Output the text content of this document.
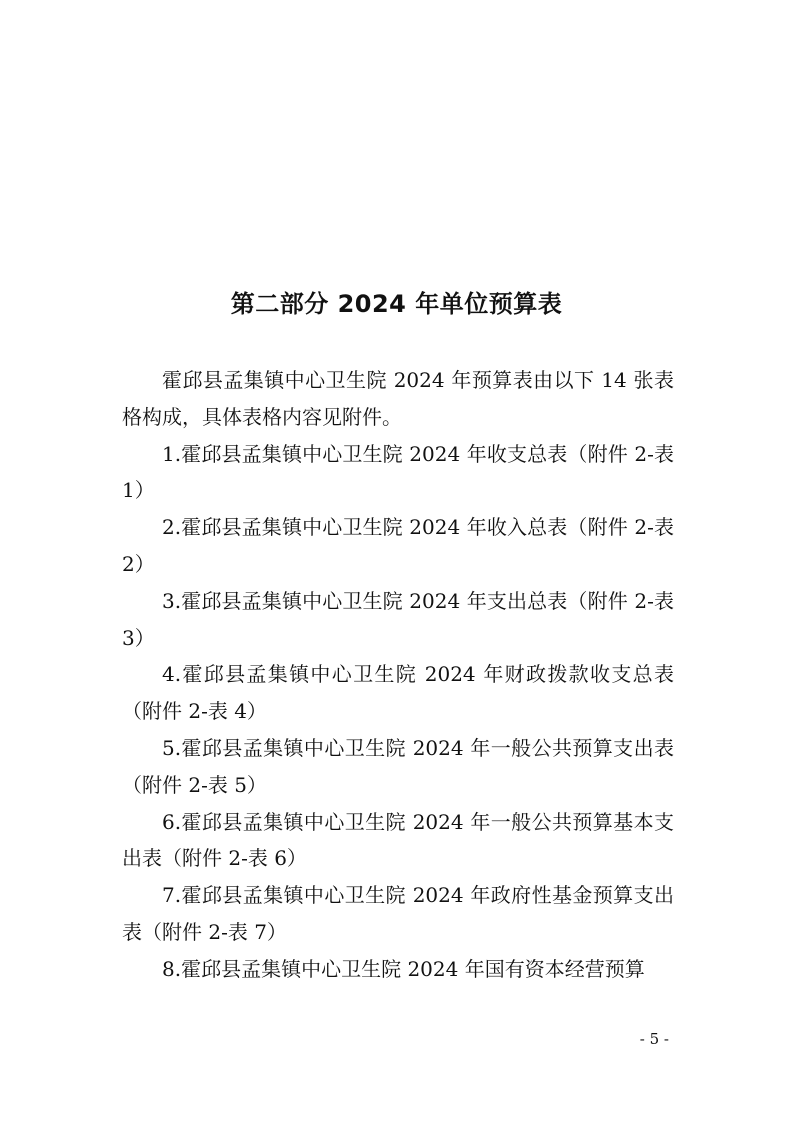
第二部分 2024 年单位预算表

霍邱县孟集镇中心卫生院 2024 年预算表由以下 14 张表格构成，具体表格内容见附件。

1.霍邱县孟集镇中心卫生院 2024 年收支总表（附件 2-表 1）

2.霍邱县孟集镇中心卫生院 2024 年收入总表（附件 2-表 2）

3.霍邱县孟集镇中心卫生院 2024 年支出总表（附件 2-表 3）

4.霍邱县孟集镇中心卫生院 2024 年财政拨款收支总表（附件 2-表 4）

5.霍邱县孟集镇中心卫生院 2024 年一般公共预算支出表（附件 2-表 5）

6.霍邱县孟集镇中心卫生院 2024 年一般公共预算基本支出表（附件 2-表 6）

7.霍邱县孟集镇中心卫生院 2024 年政府性基金预算支出表（附件 2-表 7）

8.霍邱县孟集镇中心卫生院 2024 年国有资本经营预算

- 5 -
